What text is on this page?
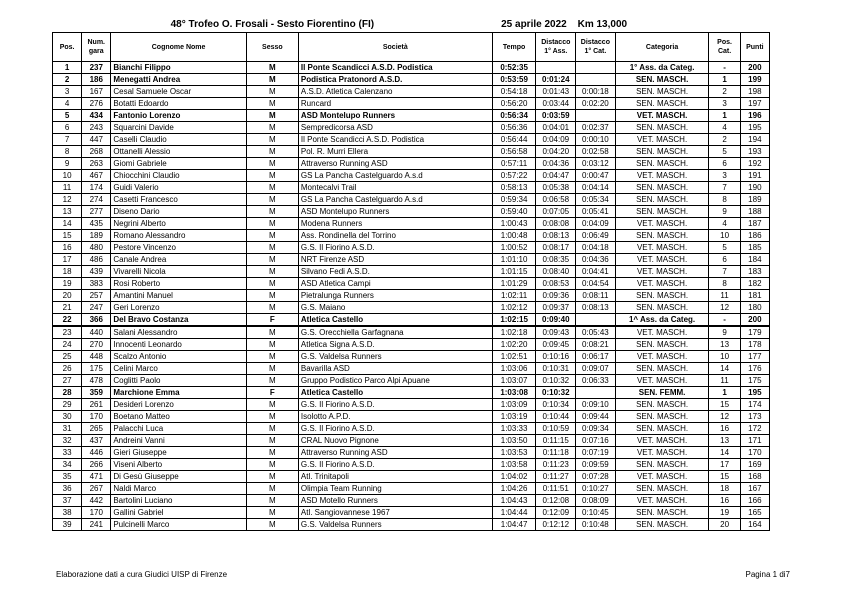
48° Trofeo O. Frosali - Sesto Fiorentino (FI)					25 aprile 2022		Km 13,000			
Pos.	Num. gara	Cognome Nome	Sesso	Società	Tempo	Distacco 1° Ass.	Distacco 1° Cat.	Categoria	Pos. Cat.	Punti
1	237	Bianchi Filippo	M	Il Ponte Scandicci A.S.D. Podistica	0:52:35			1° Ass. da Categ.	-	200
2	186	Menegatti Andrea	M	Podistica Pratonord A.S.D.	0:53:59	0:01:24		SEN. MASCH.	1	199
3	167	Cesal Samuele Oscar	M	A.S.D. Atletica Calenzano	0:54:18	0:01:43	0:00:18	SEN. MASCH.	2	198
4	276	Botatti Edoardo	M	Runcard	0:56:20	0:03:44	0:02:20	SEN. MASCH.	3	197
5	434	Fantonio Lorenzo	M	ASD Montelupo Runners	0:56:34	0:03:59		VET. MASCH.	1	196
6	243	Squarcini Davide	M	Sempredicorsa ASD	0:56:36	0:04:01	0:02:37	SEN. MASCH.	4	195
7	447	Caselli Claudio	M	Il Ponte Scandicci A.S.D. Podistica	0:56:44	0:04:09	0:00:10	VET. MASCH.	2	194
8	268	Ottanelli Alessio	M	Pol. R. Murri Ellera	0:56:58	0:04:20	0:02:58	SEN. MASCH.	5	193
9	263	Giomi Gabriele	M	Attraverso Running ASD	0:57:11	0:04:36	0:03:12	SEN. MASCH.	6	192
10	467	Chiocchini Claudio	M	GS La Pancha Castelguardo A.s.d	0:57:22	0:04:47	0:00:47	VET. MASCH.	3	191
11	174	Guidi Valerio	M	Montecalvi Trail	0:58:13	0:05:38	0:04:14	SEN. MASCH.	7	190
12	274	Casetti Francesco	M	GS La Pancha Castelguardo A.s.d	0:59:34	0:06:58	0:05:34	SEN. MASCH.	8	189
13	277	Diseno Dario	M	ASD Montelupo Runners	0:59:40	0:07:05	0:05:41	SEN. MASCH.	9	188
14	435	Negrini Alberto	M	Modena Runners	1:00:43	0:08:08	0:04:09	VET. MASCH.	4	187
15	189	Romano Alessandro	M	Ass. Rondinella del Torrino	1:00:48	0:08:13	0:06:49	SEN. MASCH.	10	186
16	480	Pestore Vincenzo	M	G.S. Il Fiorino A.S.D.	1:00:52	0:08:17	0:04:18	VET. MASCH.	5	185
17	486	Canale Andrea	M	NRT Firenze ASD	1:01:10	0:08:35	0:04:36	VET. MASCH.	6	184
18	439	Vivarelli Nicola	M	Silvano Fedi A.S.D.	1:01:15	0:08:40	0:04:41	VET. MASCH.	7	183
19	383	Rosi Roberto	M	ASD Atletica Campi	1:01:29	0:08:53	0:04:54	VET. MASCH.	8	182
20	257	Amantini Manuel	M	Pietralunga Runners	1:02:11	0:09:36	0:08:11	SEN. MASCH.	11	181
21	247	Geri Lorenzo	M	G.S. Maiano	1:02:12	0:09:37	0:08:13	SEN. MASCH.	12	180
22	366	Del Bravo Costanza	F	Atletica Castello	1:02:15	0:09:40		1^ Ass. da Categ.	-	200
23	440	Salani Alessandro	M	G.S. Orecchiella Garfagnana	1:02:18	0:09:43	0:05:43	VET. MASCH.	9	179
24	270	Innocenti Leonardo	M	Atletica Signa A.S.D.	1:02:20	0:09:45	0:08:21	SEN. MASCH.	13	178
25	448	Scalzo Antonio	M	G.S. Valdelsa Runners	1:02:51	0:10:16	0:06:17	VET. MASCH.	10	177
26	175	Celini Marco	M	Bavarilla ASD	1:03:06	0:10:31	0:09:07	SEN. MASCH.	14	176
27	478	Coglitti Paolo	M	Gruppo Podistico Parco Alpi Apuane	1:03:07	0:10:32	0:06:33	VET. MASCH.	11	175
28	359	Marchione Emma	F	Atletica Castello	1:03:08	0:10:32		SEN. FEMM.	1	195
29	261	Desideri Lorenzo	M	G.S. Il Fiorino A.S.D.	1:03:09	0:10:34	0:09:10	SEN. MASCH.	15	174
30	170	Boetano Matteo	M	Isolotto A.P.D.	1:03:19	0:10:44	0:09:44	SEN. MASCH.	12	173
31	265	Palacchi Luca	M	G.S. Il Fiorino A.S.D.	1:03:33	0:10:59	0:09:34	SEN. MASCH.	16	172
32	437	Andreini Vanni	M	CRAL Nuovo Pignone	1:03:50	0:11:15	0:07:16	VET. MASCH.	13	171
33	446	Gieri Giuseppe	M	Attraverso Running ASD	1:03:53	0:11:18	0:07:19	VET. MASCH.	14	170
34	266	Viseni Alberto	M	G.S. Il Fiorino A.S.D.	1:03:58	0:11:23	0:09:59	SEN. MASCH.	17	169
35	471	Di Gesù Giuseppe	M	Atl. Trinitapoli	1:04:02	0:11:27	0:07:28	VET. MASCH.	15	168
36	267	Naldi Marco	M	Olimpia Team Running	1:04:26	0:11:51	0:10:27	SEN. MASCH.	18	167
37	442	Bartolini Luciano	M	ASD Motello Runners	1:04:43	0:12:08	0:08:09	VET. MASCH.	16	166
38	170	Gallini Gabriel	M	Atl. Sangiovannese 1967	1:04:44	0:12:09	0:10:45	SEN. MASCH.	19	165
39	241	Pulcinelli Marco	M	G.S. Valdelsa Runners	1:04:47	0:12:12	0:10:48	SEN. MASCH.	20	164
Elaborazione dati a cura Giudici UISP di Firenze	Pagina 1 di7
